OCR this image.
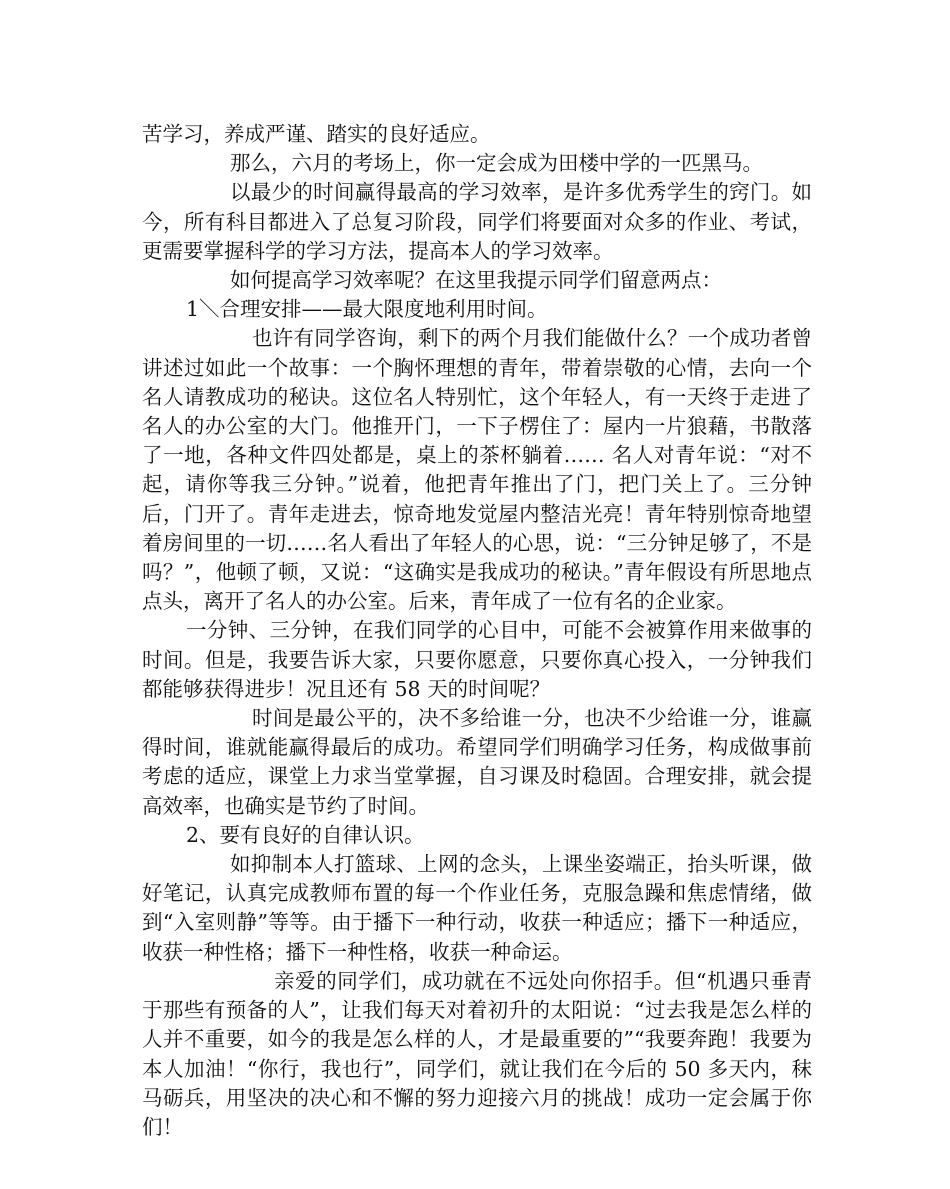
苦学习，养成严谨、踏实的良好适应。

那么，六月的考场上，你一定会成为田楼中学的一匹黑马。

以最少的时间赢得最高的学习效率，是许多优秀学生的窍门。如今，所有科目都进入了总复习阶段，同学们将要面对众多的作业、考试，更需要掌握科学的学习方法，提高本人的学习效率。

如何提高学习效率呢？在这里我提示同学们留意两点：

1＼合理安排——最大限度地利用时间。

也许有同学咨询，剩下的两个月我们能做什么？一个成功者曾讲述过如此一个故事：一个胸怀理想的青年，带着崇敬的心情，去向一个名人请教成功的秘诀。这位名人特别忙，这个年轻人，有一天终于走进了名人的办公室的大门。他推开门，一下子楞住了：屋内一片狼藉，书散落了一地，各种文件四处都是，桌上的茶杯躺着…… 名人对青年说：“对不起，请你等我三分钟。”说着，他把青年推出了门，把门关上了。三分钟后，门开了。青年走进去，惊奇地发觉屋内整洁光亮！青年特别惊奇地望着房间里的一切……名人看出了年轻人的心思，说：“三分钟足够了，不是吗？”，他顿了顿，又说：“这确实是我成功的秘诀。”青年假设有所思地点点头，离开了名人的办公室。后来，青年成了一位有名的企业家。

一分钟、三分钟，在我们同学的心目中，可能不会被算作用来做事的时间。但是，我要告诉大家，只要你愿意，只要你真心投入，一分钟我们都能够获得进步！况且还有 58 天的时间呢？

时间是最公平的，决不多给谁一分，也决不少给谁一分，谁赢得时间，谁就能赢得最后的成功。希望同学们明确学习任务，构成做事前考虑的适应，课堂上力求当堂掌握，自习课及时稳固。合理安排，就会提高效率，也确实是节约了时间。

2、要有良好的自律认识。

如抑制本人打篮球、上网的念头，上课坐姿端正，抬头听课，做好笔记，认真完成教师布置的每一个作业任务，克服急躁和焦虑情绪，做到“入室则静”等等。由于播下一种行动，收获一种适应；播下一种适应，收获一种性格；播下一种性格，收获一种命运。

亲爱的同学们，成功就在不远处向你招手。但“机遇只垂青于那些有预备的人”，让我们每天对着初升的太阳说：“过去我是怎么样的人并不重要，如今的我是怎么样的人，才是最重要的”“我要奔跑！我要为本人加油！“你行，我也行”，同学们，就让我们在今后的 50 多天内，秣马砺兵，用坚决的决心和不懈的努力迎接六月的挑战！成功一定会属于你们！
